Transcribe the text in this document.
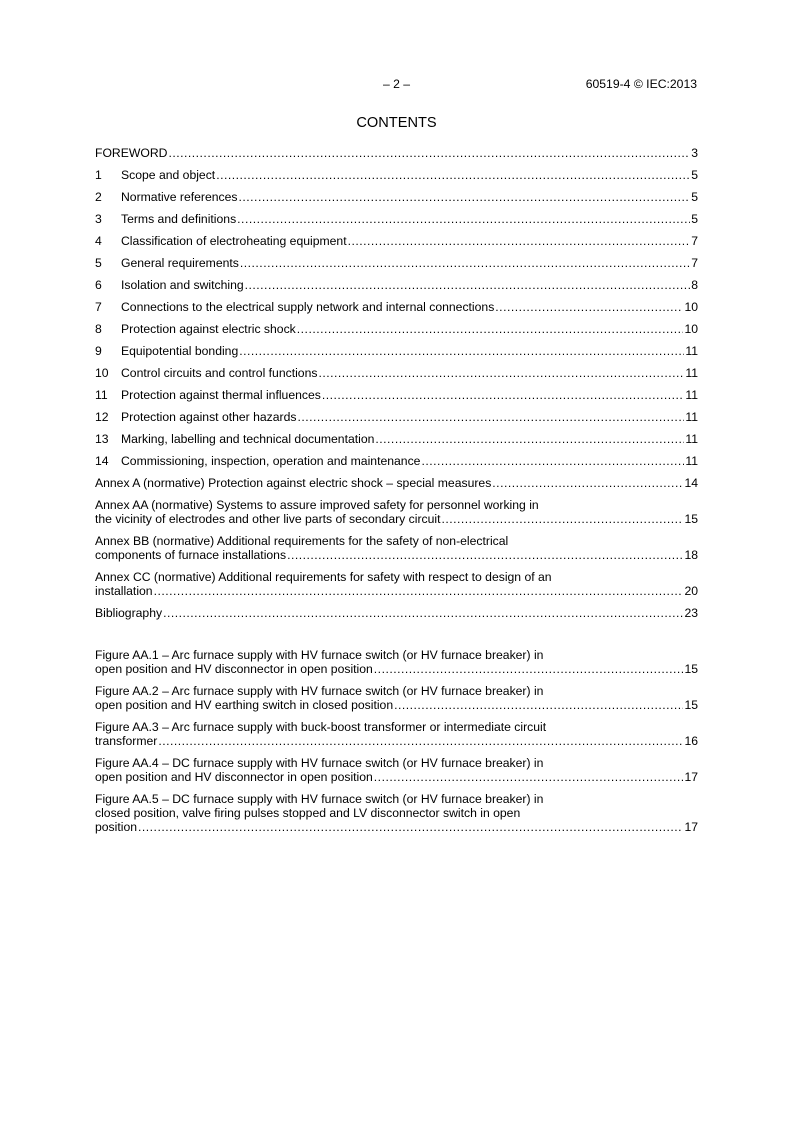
– 2 –	60519-4 © IEC:2013
CONTENTS
FOREWORD .....	3
1	Scope and object .....	5
2	Normative references .....	5
3	Terms and definitions .....	5
4	Classification of electroheating equipment .....	7
5	General requirements .....	7
6	Isolation and switching .....	8
7	Connections to the electrical supply network and internal connections .....	10
8	Protection against electric shock .....	10
9	Equipotential bonding .....	11
10	Control circuits and control functions .....	11
11	Protection against thermal influences .....	11
12	Protection against other hazards .....	11
13	Marking, labelling and technical documentation .....	11
14	Commissioning, inspection, operation and maintenance .....	11
Annex A (normative) Protection against electric shock – special measures .....	14
Annex AA (normative) Systems to assure improved safety for personnel working in
the vicinity of electrodes and other live parts of secondary circuit .....	15
Annex BB (normative) Additional requirements for the safety of non-electrical
components of furnace installations .....	18
Annex CC (normative) Additional requirements for safety with respect to design of an
installation .....	20
Bibliography .....	23
Figure AA.1 – Arc furnace supply with HV furnace switch (or HV furnace breaker) in
open position and HV disconnector in open position .....	15
Figure AA.2 – Arc furnace supply with HV furnace switch (or HV furnace breaker) in
open position and HV earthing switch in closed position .....	15
Figure AA.3 – Arc furnace supply with buck-boost transformer or intermediate circuit
transformer .....	16
Figure AA.4 – DC furnace supply with HV furnace switch (or HV furnace breaker) in
open position and HV disconnector in open position .....	17
Figure AA.5 – DC furnace supply with HV furnace switch (or HV furnace breaker) in
closed position, valve firing pulses stopped and LV disconnector switch in open
position .....	17
